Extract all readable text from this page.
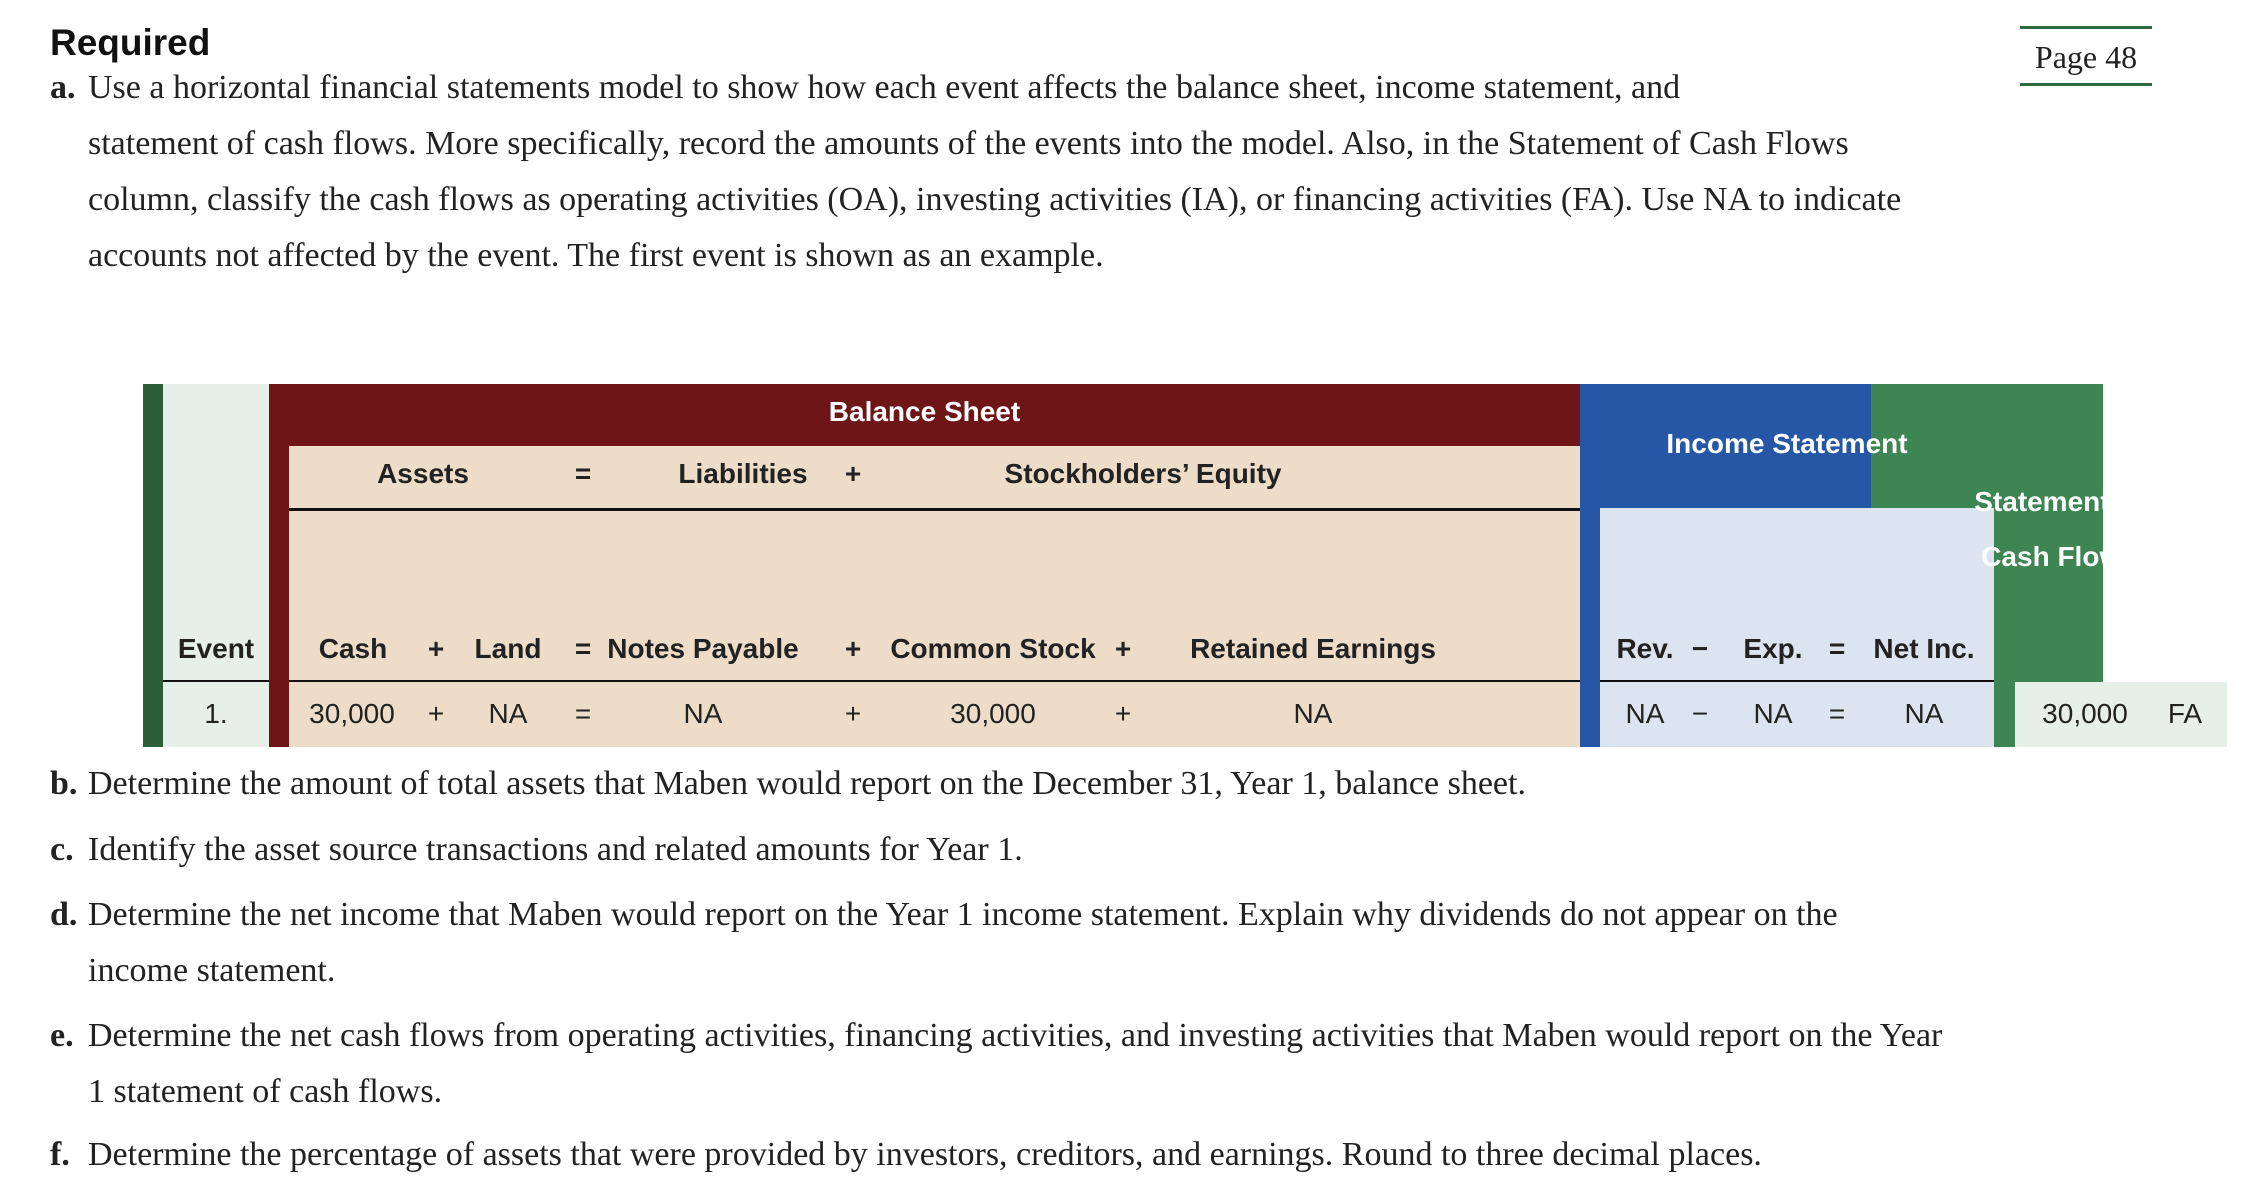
Required	Page 48
a. Use a horizontal financial statements model to show how each event affects the balance sheet, income statement, and
statement of cash flows. More specifically, record the amounts of the events into the model. Also, in the Statement of Cash Flows
column, classify the cash flows as operating activities (OA), investing activities (IA), or financing activities (FA). Use NA to indicate
accounts not affected by the event. The first event is shown as an example.
Balance Sheet
Income Statement
Statement of
Cash Flows
Assets	=	Liabilities	+	Stockholders’ Equity
Event	Cash	+	Land	= Notes Payable	+	Common Stock +	Retained Earnings	Rev. −	Exp. =	Net Inc.
1.	30,000	+	NA	=	NA	+	30,000	+	NA	NA −	NA	=	NA	30,000	FA
b. Determine the amount of total assets that Maben would report on the December 31, Year 1, balance sheet.
c. Identify the asset source transactions and related amounts for Year 1.
d. Determine the net income that Maben would report on the Year 1 income statement. Explain why dividends do not appear on the
income statement.
e. Determine the net cash flows from operating activities, financing activities, and investing activities that Maben would report on the Year
1 statement of cash flows.
f. Determine the percentage of assets that were provided by investors, creditors, and earnings. Round to three decimal places.
